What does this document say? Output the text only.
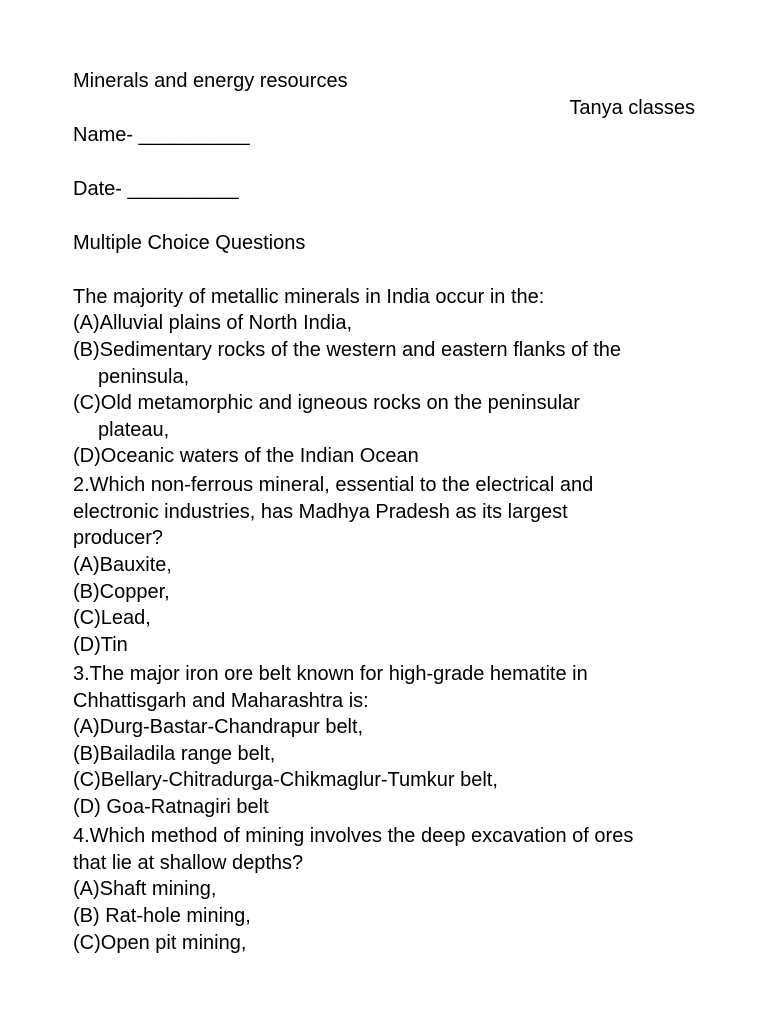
Minerals and energy resources
Tanya classes
Name- __________
Date- __________
Multiple Choice Questions
The majority of metallic minerals in India occur in the:
(A)Alluvial plains of North India,
(B)Sedimentary rocks of the western and eastern flanks of the
peninsula,
(C)Old metamorphic and igneous rocks on the peninsular
plateau,
(D)Oceanic waters of the Indian Ocean
2.Which non-ferrous mineral, essential to the electrical and
electronic industries, has Madhya Pradesh as its largest
producer?
(A)Bauxite,
(B)Copper,
(C)Lead,
(D)Tin
3.The major iron ore belt known for high-grade hematite in
Chhattisgarh and Maharashtra is:
(A)Durg-Bastar-Chandrapur belt,
(B)Bailadila range belt,
(C)Bellary-Chitradurga-Chikmaglur-Tumkur belt,
(D) Goa-Ratnagiri belt
4.Which method of mining involves the deep excavation of ores
that lie at shallow depths?
(A)Shaft mining,
(B) Rat-hole mining,
(C)Open pit mining,
